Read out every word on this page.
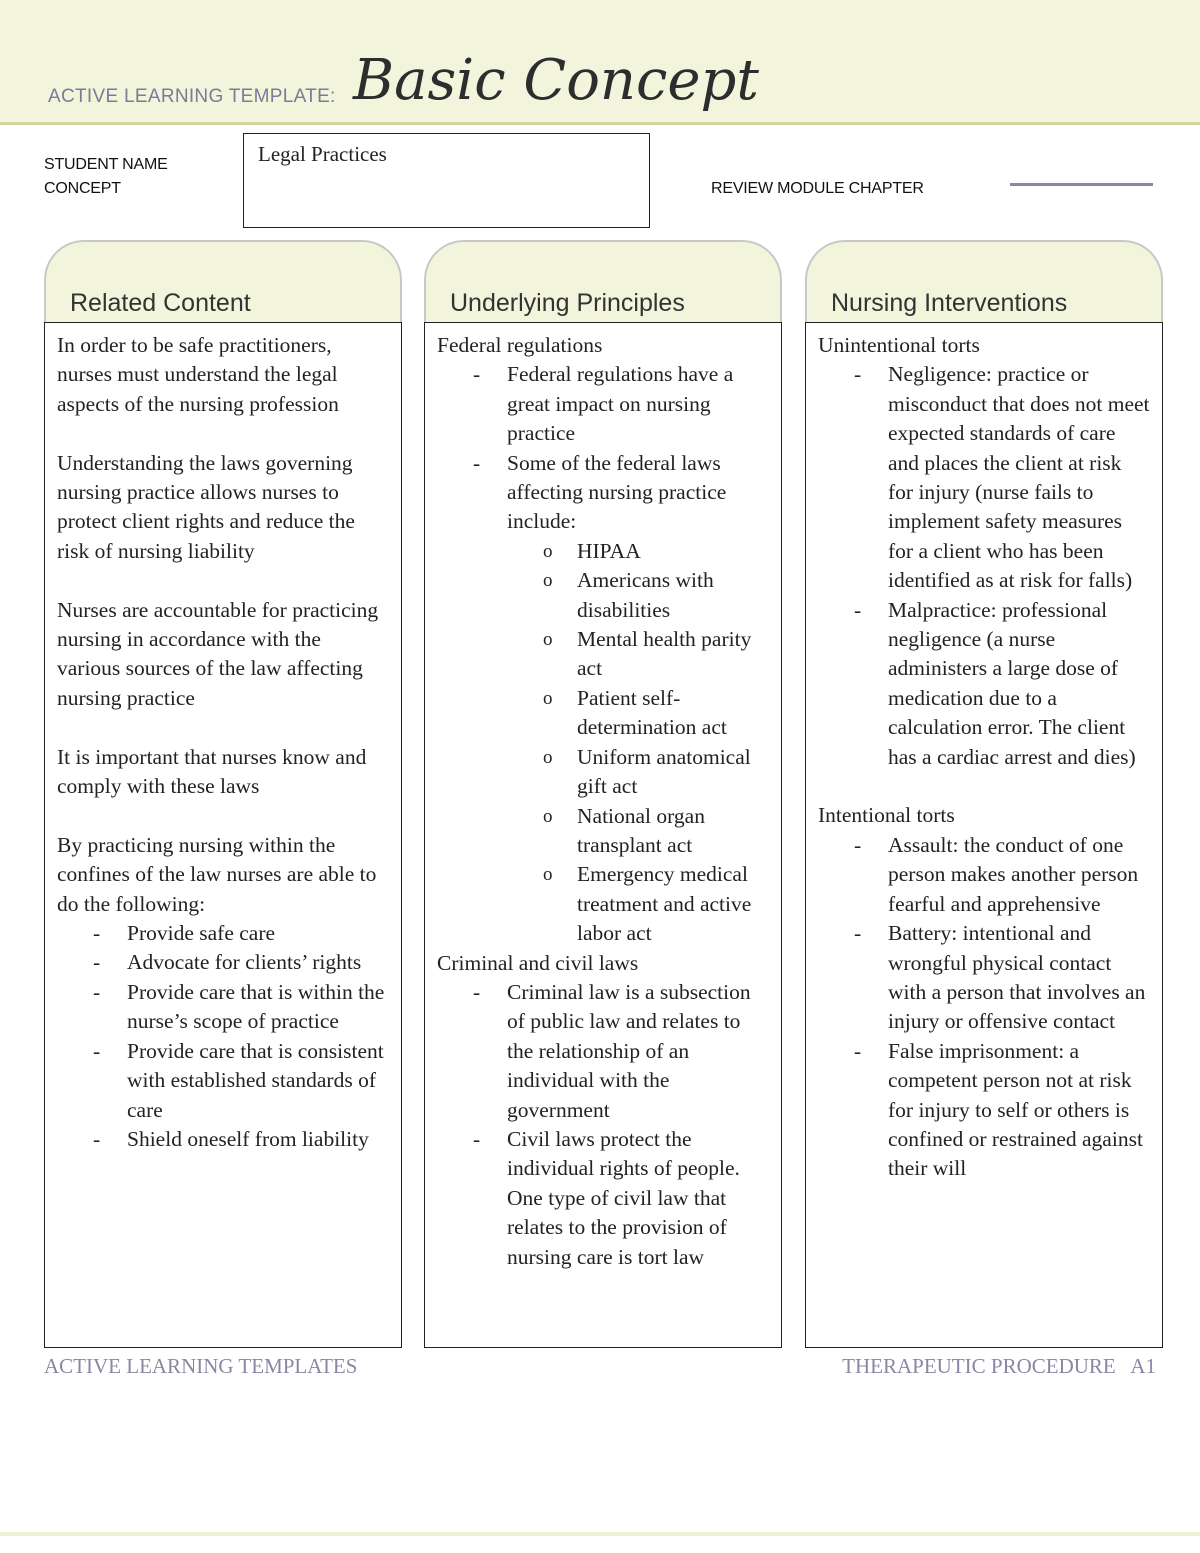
ACTIVE LEARNING TEMPLATE: Basic Concept
STUDENT NAME
CONCEPT
Legal Practices
REVIEW MODULE CHAPTER
Related Content

In order to be safe practitioners, nurses must understand the legal aspects of the nursing profession

Understanding the laws governing nursing practice allows nurses to protect client rights and reduce the risk of nursing liability

Nurses are accountable for practicing nursing in accordance with the various sources of the law affecting nursing practice

It is important that nurses know and comply with these laws

By practicing nursing within the confines of the law nurses are able to do the following:

- Provide safe care
- Advocate for clients’ rights
- Provide care that is within the nurse’s scope of practice
- Provide care that is consistent with established standards of care
- Shield oneself from liability
Underlying Principles

Federal regulations

- Federal regulations have a great impact on nursing practice
- Some of the federal laws affecting nursing practice include:
o HIPAA
o Americans with disabilities
o Mental health parity act
o Patient self-determination act
o Uniform anatomical gift act
o National organ transplant act
o Emergency medical treatment and active labor act

Criminal and civil laws

- Criminal law is a subsection of public law and relates to the relationship of an individual with the government
- Civil laws protect the individual rights of people. One type of civil law that relates to the provision of nursing care is tort law
Nursing Interventions

Unintentional torts

- Negligence: practice or misconduct that does not meet expected standards of care and places the client at risk for injury (nurse fails to implement safety measures for a client who has been identified as at risk for falls)
- Malpractice: professional negligence (a nurse administers a large dose of medication due to a calculation error. The client has a cardiac arrest and dies)

Intentional torts

- Assault: the conduct of one person makes another person fearful and apprehensive
- Battery: intentional and wrongful physical contact with a person that involves an injury or offensive contact
- False imprisonment: a competent person not at risk for injury to self or others is confined or restrained against their will
ACTIVE LEARNING TEMPLATES	THERAPEUTIC PROCEDURE   A1
